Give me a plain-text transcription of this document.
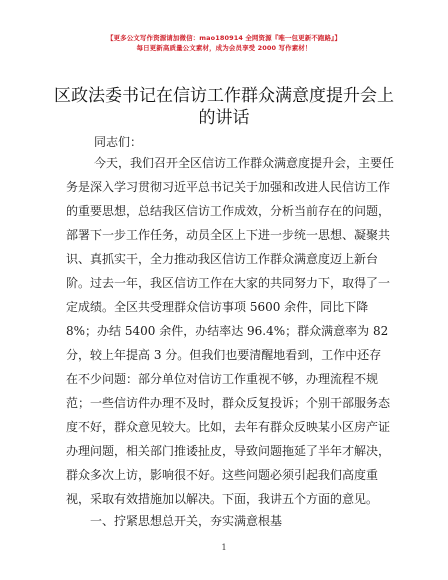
【更多公文写作资源请加微信：mao180914 全网资源『唯一包更新不跑路』】
每日更新高质量公文素材，成为会员享受 2000 写作素材！
区政法委书记在信访工作群众满意度提升会上
的讲话
同志们：
今天，我们召开全区信访工作群众满意度提升会，主要任
务是深入学习贯彻习近平总书记关于加强和改进人民信访工作
的重要思想，总结我区信访工作成效，分析当前存在的问题，
部署下一步工作任务，动员全区上下进一步统一思想、凝聚共
识、真抓实干，全力推动我区信访工作群众满意度迈上新台
阶。过去一年，我区信访工作在大家的共同努力下，取得了一
定成绩。全区共受理群众信访事项 5600 余件，同比下降
8%；办结 5400 余件，办结率达 96.4%；群众满意率为 82
分，较上年提高 3 分。但我们也要清醒地看到，工作中还存
在不少问题：部分单位对信访工作重视不够，办理流程不规
范；一些信访件办理不及时，群众反复投诉；个别干部服务态
度不好，群众意见较大。比如，去年有群众反映某小区房产证
办理问题，相关部门推诿扯皮，导致问题拖延了半年才解决，
群众多次上访，影响很不好。这些问题必须引起我们高度重
视，采取有效措施加以解决。下面，我讲五个方面的意见。
一、拧紧思想总开关，夯实满意根基
1
